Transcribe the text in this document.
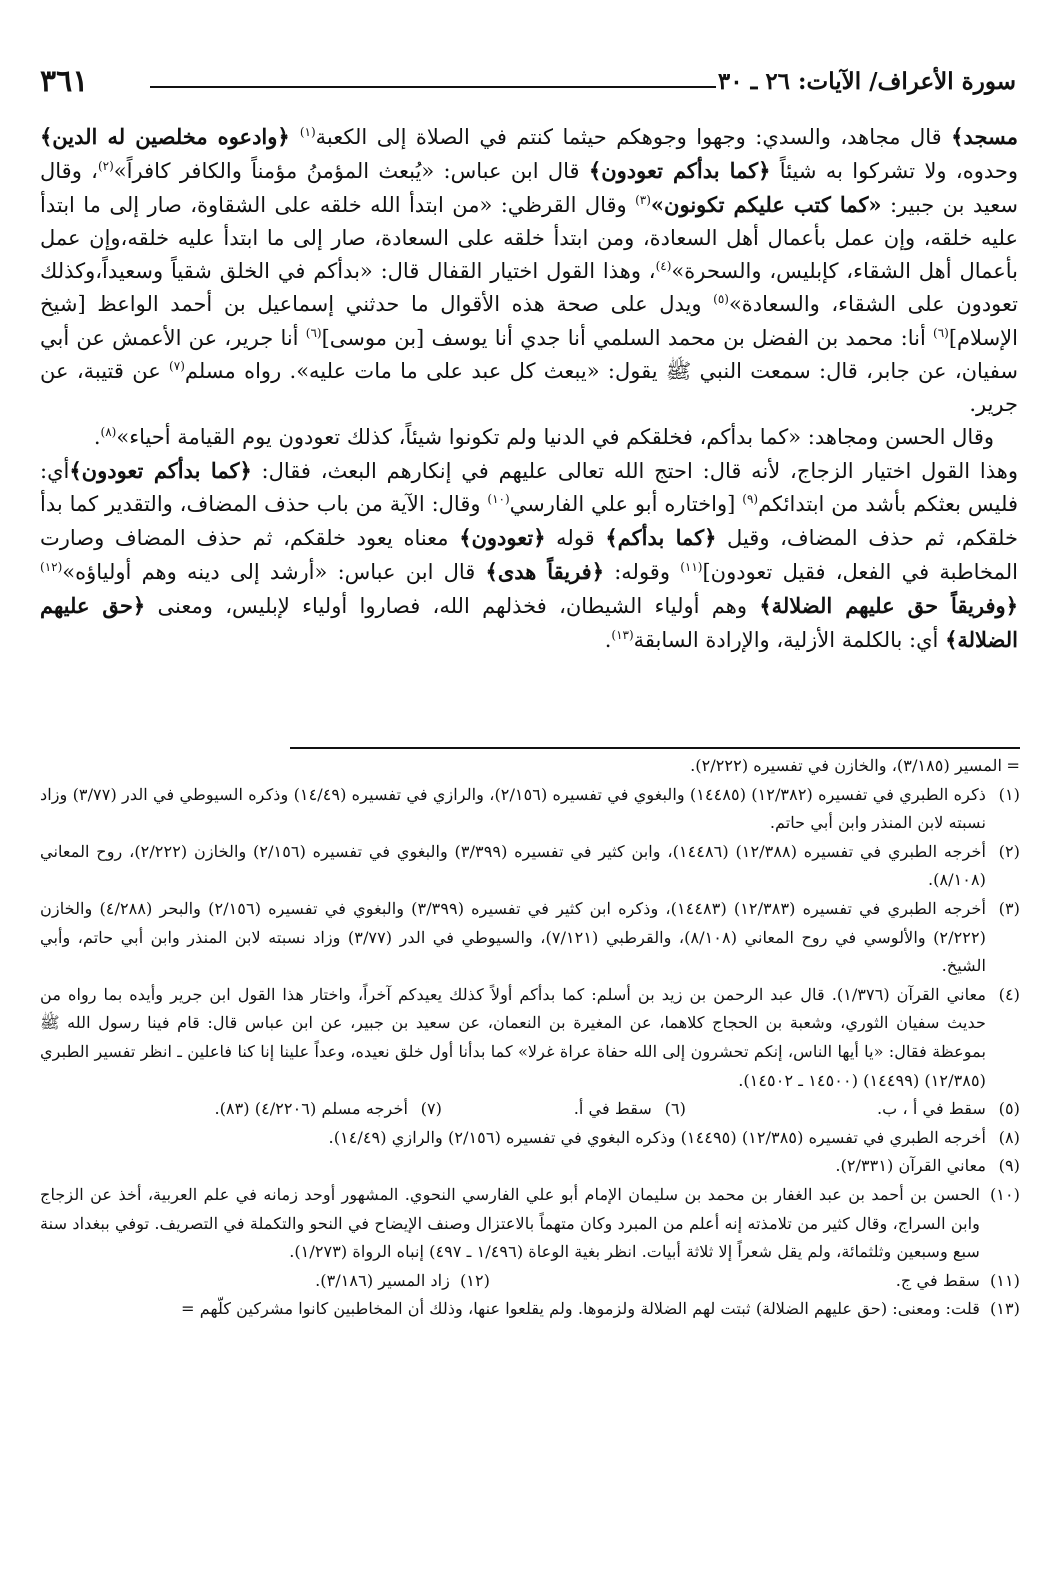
سورة الأعراف/ الآيات: ٢٦ ـ ٣٠
٣٦١

مسجد﴾ قال مجاهد، والسدي: وجهوا وجوهكم حيثما كنتم في الصلاة إلى الكعبة$^{(١)}$ ﴿وادعوه مخلصين له الدين﴾ وحدوه، ولا تشركوا به شيئاً ﴿كما بدأكم تعودون﴾ قال ابن عباس: «يُبعث المؤمنُ مؤمناً والكافر كافراً»$^{(٢)}$، وقال سعيد بن جبير: «كما كتب عليكم تكونون»$^{(٣)}$ وقال القرظي: «من ابتدأ الله خلقه على الشقاوة، صار إلى ما ابتدأ عليه خلقه، وإن عمل بأعمال أهل السعادة، ومن ابتدأ خلقه على السعادة، صار إلى ما ابتدأ عليه خلقه،وإن عمل بأعمال أهل الشقاء، كإبليس، والسحرة»$^{(٤)}$، وهذا القول اختيار القفال قال: «بدأكم في الخلق شقياً وسعيداً،وكذلك تعودون على الشقاء، والسعادة»$^{(٥)}$ ويدل على صحة هذه الأقوال ما حدثني إسماعيل بن أحمد الواعظ [شيخ الإسلام]$^{(٦)}$ أنا: محمد بن الفضل بن محمد السلمي أنا جدي أنا يوسف [بن موسى]$^{(٦)}$ أنا جرير، عن الأعمش عن أبي سفيان، عن جابر، قال: سمعت النبي ﷺ يقول: «يبعث كل عبد على ما مات عليه». رواه مسلم$^{(٧)}$ عن قتيبة، عن جرير.

وقال الحسن ومجاهد: «كما بدأكم، فخلقكم في الدنيا ولم تكونوا شيئاً، كذلك تعودون يوم القيامة أحياء»$^{(٨)}$.

وهذا القول اختيار الزجاج، لأنه قال: احتج الله تعالى عليهم في إنكارهم البعث، فقال: ﴿كما بدأكم تعودون﴾أي: فليس بعثكم بأشد من ابتدائكم$^{(٩)}$ [واختاره أبو علي الفارسي$^{(١٠)}$ وقال: الآية من باب حذف المضاف، والتقدير كما بدأ خلقكم، ثم حذف المضاف، وقيل ﴿كما بدأكم﴾ قوله ﴿تعودون﴾ معناه يعود خلقكم، ثم حذف المضاف وصارت المخاطبة في الفعل، فقيل تعودون]$^{(١١)}$ وقوله: ﴿فريقاً هدى﴾ قال ابن عباس: «أرشد إلى دينه وهم أولياؤه»$^{(١٢)}$ ﴿وفريقاً حق عليهم الضلالة﴾ وهم أولياء الشيطان، فخذلهم الله، فصاروا أولياء لإبليس، ومعنى ﴿حق عليهم الضلالة﴾ أي: بالكلمة الأزلية، والإرادة السابقة$^{(١٣)}$.

=
المسير (٣/١٨٥)، والخازن في تفسيره (٢/٢٢٢).
(١)
ذكره الطبري في تفسيره (١٢/٣٨٢) (١٤٤٨٥) والبغوي في تفسيره (٢/١٥٦)، والرازي في تفسيره (١٤/٤٩) وذكره السيوطي في الدر (٣/٧٧) وزاد نسبته لابن المنذر وابن أبي حاتم.
(٢)
أخرجه الطبري في تفسيره (١٢/٣٨٨) (١٤٤٨٦)، وابن كثير في تفسيره (٣/٣٩٩) والبغوي في تفسيره (٢/١٥٦) والخازن (٢/٢٢٢)، روح المعاني (٨/١٠٨).
(٣)
أخرجه الطبري في تفسيره (١٢/٣٨٣) (١٤٤٨٣)، وذكره ابن كثير في تفسيره (٣/٣٩٩) والبغوي في تفسيره (٢/١٥٦) والبحر (٤/٢٨٨) والخازن (٢/٢٢٢) والألوسي في روح المعاني (٨/١٠٨)، والقرطبي (٧/١٢١)، والسيوطي في الدر (٣/٧٧) وزاد نسبته لابن المنذر وابن أبي حاتم، وأبي الشيخ.
(٤)
معاني القرآن (١/٣٧٦). قال عبد الرحمن بن زيد بن أسلم: كما بدأكم أولاً كذلك يعيدكم آخراً، واختار هذا القول ابن جرير وأيده بما رواه من حديث سفيان الثوري، وشعبة بن الحجاج كلاهما، عن المغيرة بن النعمان، عن سعيد بن جبير، عن ابن عباس قال: قام فينا رسول الله ﷺ بموعظة فقال: «يا أيها الناس، إنكم تحشرون إلى الله حفاة عراة غرلا» كما بدأنا أول خلق نعيده، وعداً علينا إنا كنا فاعلين ـ انظر تفسير الطبري (١٢/٣٨٥) (١٤٤٩٩) (١٤٥٠٠ ـ ١٤٥٠٢).
(٥)
سقط في أ ، ب.
(٦)
سقط في أ.
(٧)
أخرجه مسلم (٤/٢٢٠٦) (٨٣).
(٨)
أخرجه الطبري في تفسيره (١٢/٣٨٥) (١٤٤٩٥) وذكره البغوي في تفسيره (٢/١٥٦) والرازي (١٤/٤٩).
(٩)
معاني القرآن (٢/٣٣١).
(١٠)
الحسن بن أحمد بن عبد الغفار بن محمد بن سليمان الإمام أبو علي الفارسي النحوي. المشهور أوحد زمانه في علم العربية، أخذ عن الزجاج وابن السراج، وقال كثير من تلامذته إنه أعلم من المبرد وكان متهماً بالاعتزال وصنف الإيضاح في النحو والتكملة في التصريف. توفي ببغداد سنة سبع وسبعين وثلثمائة، ولم يقل شعراً إلا ثلاثة أبيات. انظر بغية الوعاة (١/٤٩٦ ـ ٤٩٧) إنباه الرواة (١/٢٧٣).
(١١)
سقط في ج.
(١٢)
زاد المسير (٣/١٨٦).
(١٣)
قلت: ومعنى: (حق عليهم الضلالة) ثبتت لهم الضلالة ولزموها. ولم يقلعوا عنها، وذلك أن المخاطبين كانوا مشركين كلّهم =
